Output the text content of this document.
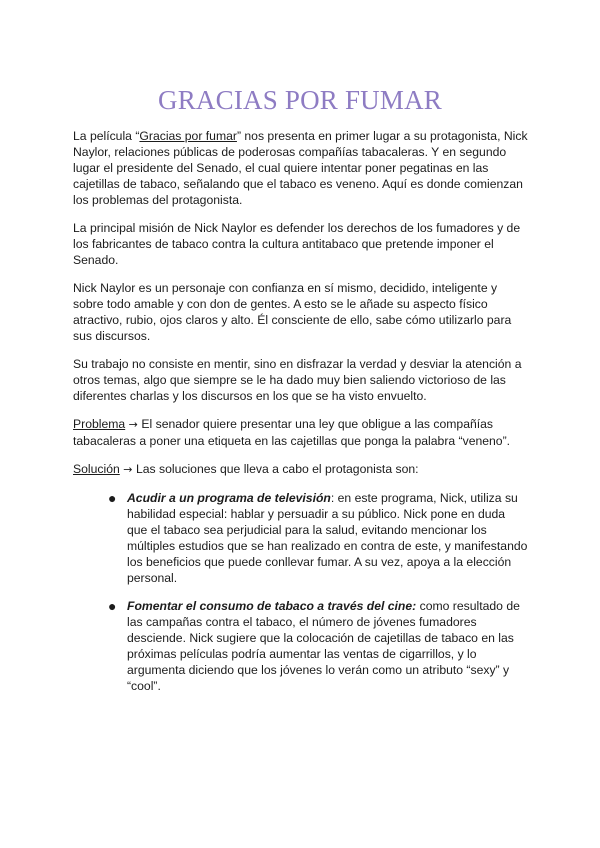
GRACIAS POR FUMAR

La película “Gracias por fumar” nos presenta en primer lugar a su protagonista, Nick Naylor, relaciones públicas de poderosas compañías tabacaleras. Y en segundo lugar el presidente del Senado, el cual quiere intentar poner pegatinas en las cajetillas de tabaco, señalando que el tabaco es veneno. Aquí es donde comienzan los problemas del protagonista.

La principal misión de Nick Naylor es defender los derechos de los fumadores y de los fabricantes de tabaco contra la cultura antitabaco que pretende imponer el Senado.

Nick Naylor es un personaje con confianza en sí mismo, decidido, inteligente y sobre todo amable y con don de gentes. A esto se le añade su aspecto físico atractivo, rubio, ojos claros y alto. Él consciente de ello, sabe cómo utilizarlo para sus discursos.

Su trabajo no consiste en mentir, sino en disfrazar la verdad y desviar la atención a otros temas, algo que siempre se le ha dado muy bien saliendo victorioso de las diferentes charlas y los discursos en los que se ha visto envuelto.

Problema → El senador quiere presentar una ley que obligue a las compañías tabacaleras a poner una etiqueta en las cajetillas que ponga la palabra “veneno”.

Solución → Las soluciones que lleva a cabo el protagonista son:

● Acudir a un programa de televisión: en este programa, Nick, utiliza su habilidad especial: hablar y persuadir a su público. Nick pone en duda que el tabaco sea perjudicial para la salud, evitando mencionar los múltiples estudios que se han realizado en contra de este, y manifestando los beneficios que puede conllevar fumar. A su vez, apoya a la elección personal.
● Fomentar el consumo de tabaco a través del cine: como resultado de las campañas contra el tabaco, el número de jóvenes fumadores desciende. Nick sugiere que la colocación de cajetillas de tabaco en las próximas películas podría aumentar las ventas de cigarrillos, y lo argumenta diciendo que los jóvenes lo verán como un atributo “sexy” y “cool”.
